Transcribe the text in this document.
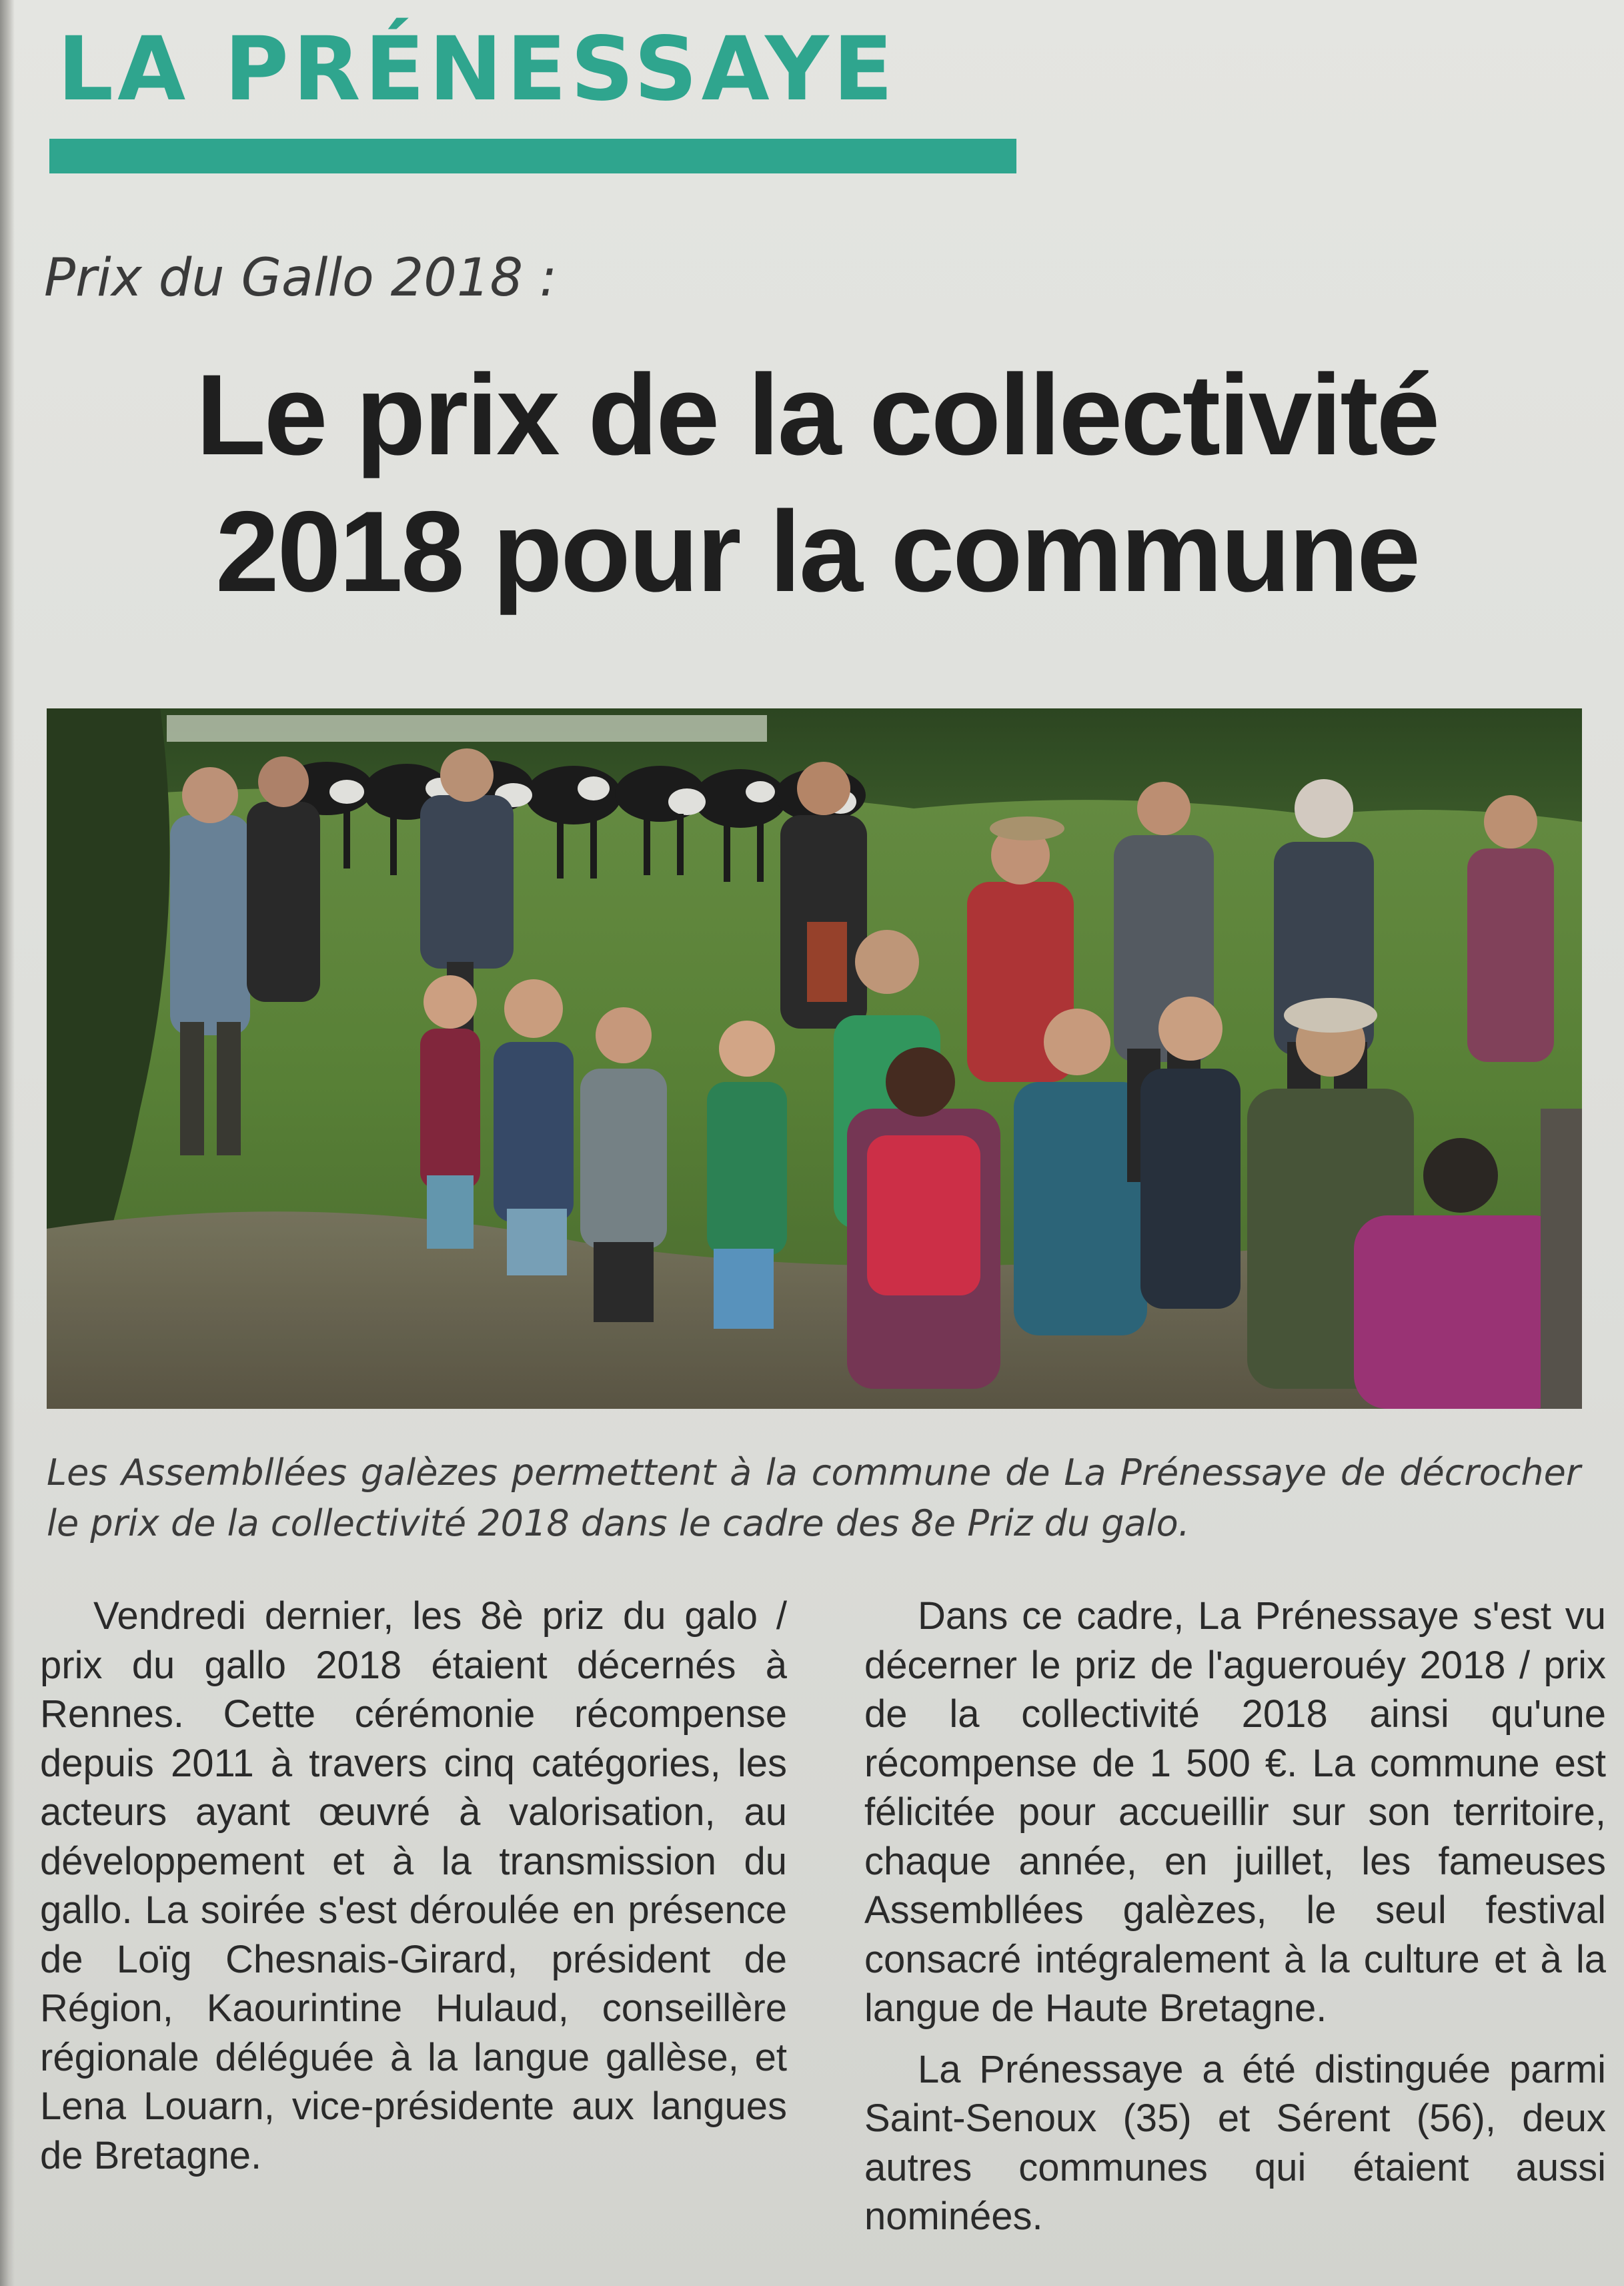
LA PRÉNESSAYE
Prix du Gallo 2018 :
Le prix de la collectivité
2018 pour la commune
Les Assembllées galèzes permettent à la commune de La Prénessaye de décrocher le prix de la collectivité 2018 dans le cadre des 8e Priz du galo.

Vendredi dernier, les 8è priz du galo / prix du gallo 2018 étaient décernés à Rennes. Cette cérémonie récompense depuis 2011 à travers cinq catégories, les acteurs ayant œuvré à valorisation, au développement et à la transmission du gallo. La soirée s'est déroulée en présence de Loïg Chesnais-Girard, président de Région, Kaourintine Hulaud, conseillère régionale déléguée à la langue gallèse, et Lena Louarn, vice-présidente aux langues de Bretagne.

Dans ce cadre, La Prénessaye s'est vu décerner le priz de l'aguerouéy 2018 / prix de la collectivité 2018 ainsi qu'une récompense de 1 500 €. La commune est félicitée pour accueillir sur son territoire, chaque année, en juillet, les fameuses Assembllées galèzes, le seul festival consacré intégralement à la culture et à la langue de Haute Bretagne.

La Prénessaye a été distinguée parmi Saint-Senoux (35) et Sérent (56), deux autres communes qui étaient aussi nominées.
